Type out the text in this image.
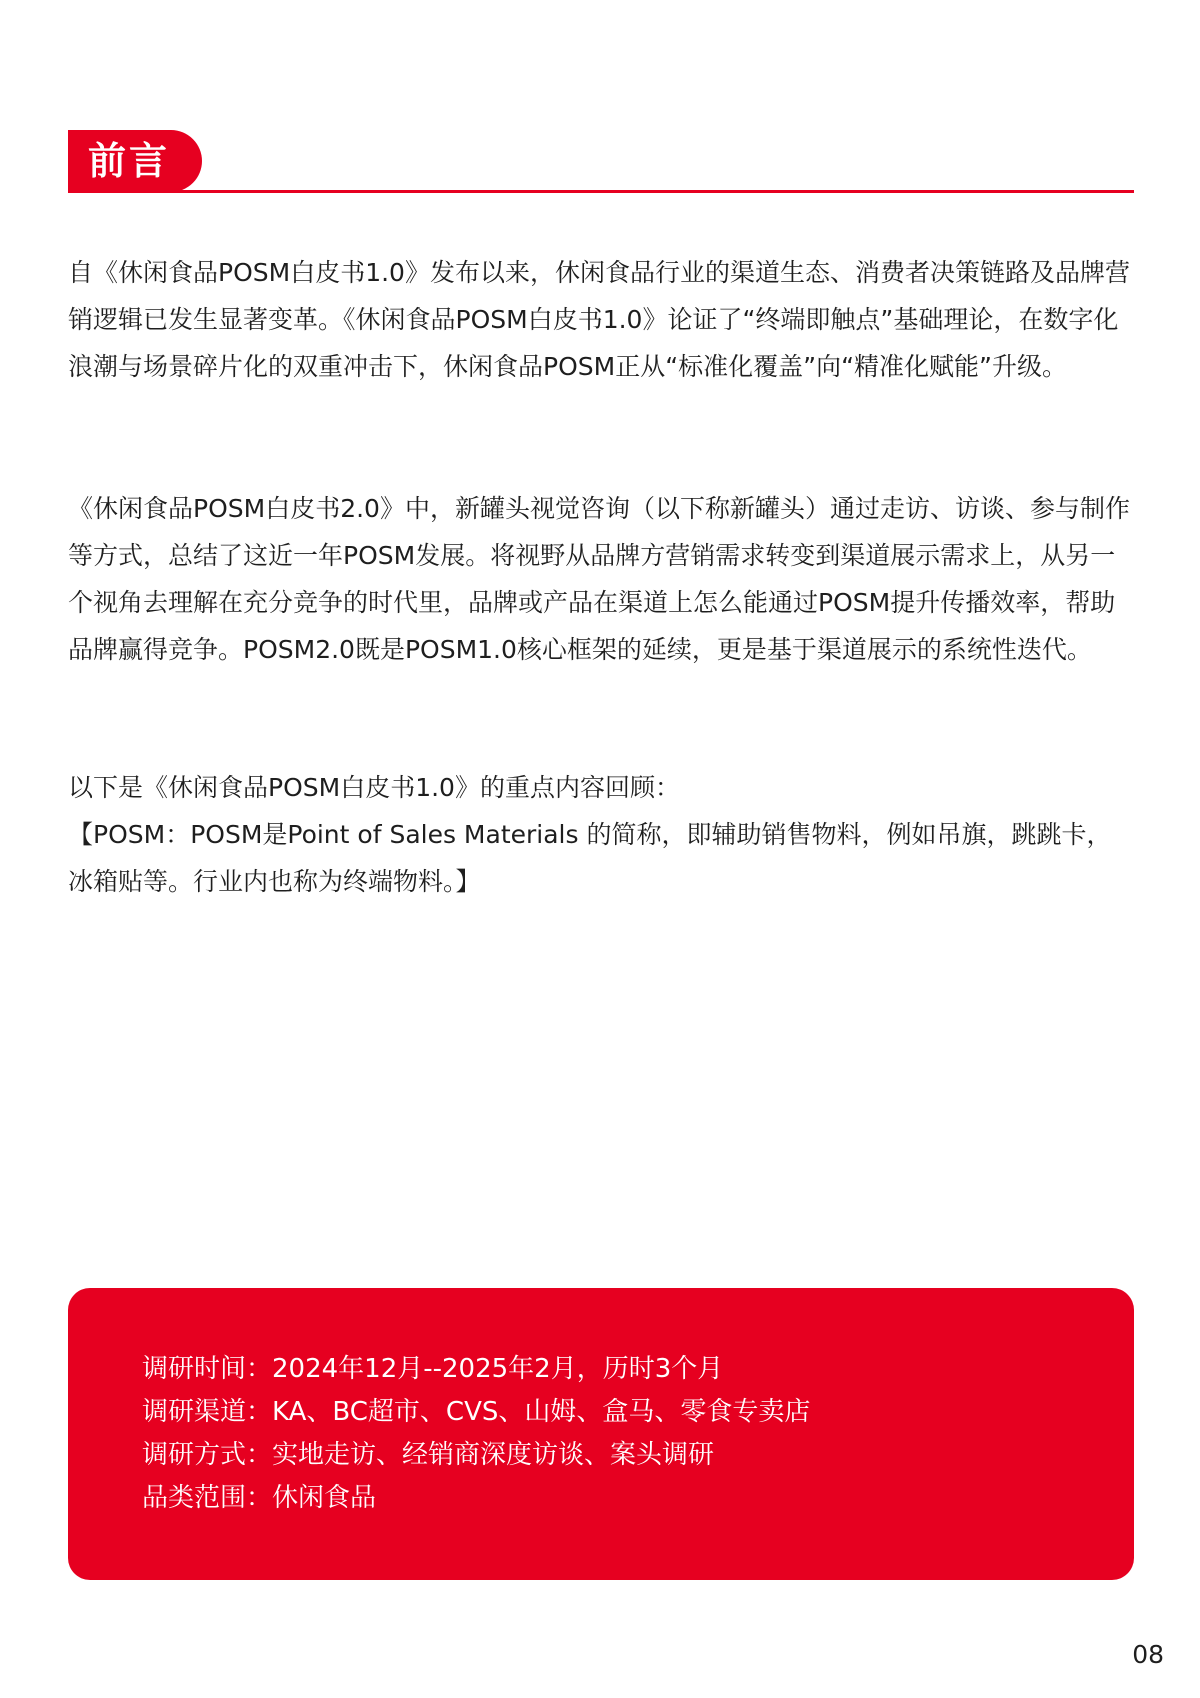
前言

自《休闲食品POSM白皮书1.0》发布以来，休闲食品行业的渠道生态、消费者决策链路及品牌营销逻辑已发生显著变革。《休闲食品POSM白皮书1.0》论证了“终端即触点”基础理论，在数字化浪潮与场景碎片化的双重冲击下，休闲食品POSM正从“标准化覆盖”向“精准化赋能”升级。

《休闲食品POSM白皮书2.0》中，新罐头视觉咨询（以下称新罐头）通过走访、访谈、参与制作等方式，总结了这近一年POSM发展。将视野从品牌方营销需求转变到渠道展示需求上，从另一个视角去理解在充分竞争的时代里，品牌或产品在渠道上怎么能通过POSM提升传播效率，帮助品牌赢得竞争。POSM2.0既是POSM1.0核心框架的延续，更是基于渠道展示的系统性迭代。

以下是《休闲食品POSM白皮书1.0》的重点内容回顾：

【POSM：POSM是Point of Sales Materials 的简称，即辅助销售物料，例如吊旗，跳跳卡，冰箱贴等。行业内也称为终端物料。】

调研时间：2024年12月--2025年2月，历时3个月
调研渠道：KA、BC超市、CVS、山姆、盒马、零食专卖店
调研方式：实地走访、经销商深度访谈、案头调研
品类范围：休闲食品
08
